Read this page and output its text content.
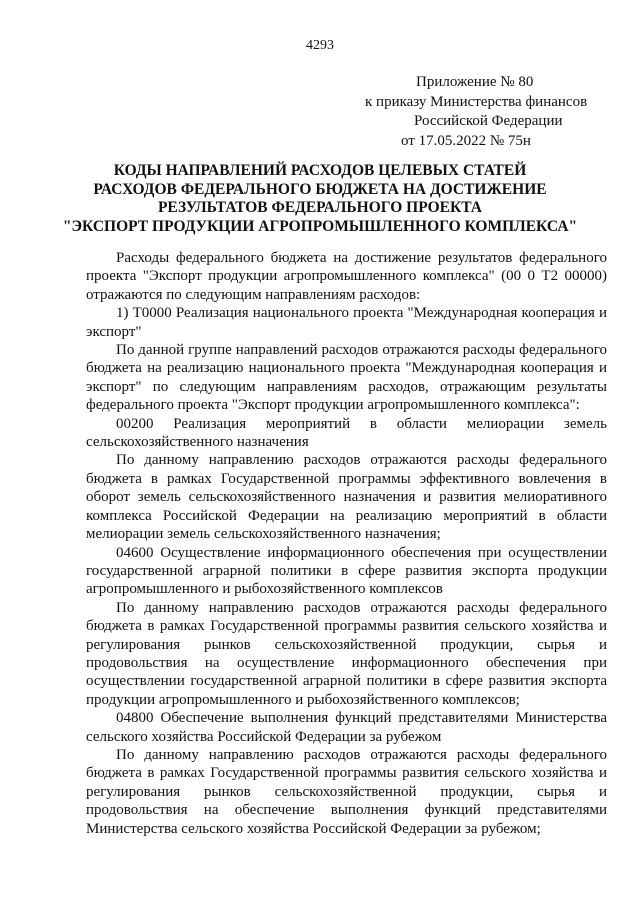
4293
Приложение № 80
к приказу Министерства финансов
Российской Федерации
от 17.05.2022 № 75н
КОДЫ НАПРАВЛЕНИЙ РАСХОДОВ ЦЕЛЕВЫХ СТАТЕЙ
РАСХОДОВ ФЕДЕРАЛЬНОГО БЮДЖЕТА НА ДОСТИЖЕНИЕ
РЕЗУЛЬТАТОВ ФЕДЕРАЛЬНОГО ПРОЕКТА
"ЭКСПОРТ ПРОДУКЦИИ АГРОПРОМЫШЛЕННОГО КОМПЛЕКСА"

Расходы федерального бюджета на достижение результатов федерального проекта "Экспорт продукции агропромышленного комплекса" (00 0 Т2 00000) отражаются по следующим направлениям расходов:

1) Т0000 Реализация национального проекта "Международная кооперация и экспорт"

По данной группе направлений расходов отражаются расходы федерального бюджета на реализацию национального проекта "Международная кооперация и экспорт" по следующим направлениям расходов, отражающим результаты федерального проекта "Экспорт продукции агропромышленного комплекса":

00200 Реализация мероприятий в области мелиорации земель
сельскохозяйственного назначения

По данному направлению расходов отражаются расходы федерального бюджета в рамках Государственной программы эффективного вовлечения в оборот земель сельскохозяйственного назначения и развития мелиоративного комплекса Российской Федерации на реализацию мероприятий в области мелиорации земель сельскохозяйственного назначения;

04600 Осуществление информационного обеспечения при осуществлении государственной аграрной политики в сфере развития экспорта продукции агропромышленного и рыбохозяйственного комплексов

По данному направлению расходов отражаются расходы федерального бюджета в рамках Государственной программы развития сельского хозяйства и регулирования рынков сельскохозяйственной продукции, сырья и продовольствия на осуществление информационного обеспечения при осуществлении государственной аграрной политики в сфере развития экспорта продукции агропромышленного и рыбохозяйственного комплексов;

04800 Обеспечение выполнения функций представителями Министерства сельского хозяйства Российской Федерации за рубежом

По данному направлению расходов отражаются расходы федерального бюджета в рамках Государственной программы развития сельского хозяйства и регулирования рынков сельскохозяйственной продукции, сырья и продовольствия на обеспечение выполнения функций представителями Министерства сельского хозяйства Российской Федерации за рубежом;
